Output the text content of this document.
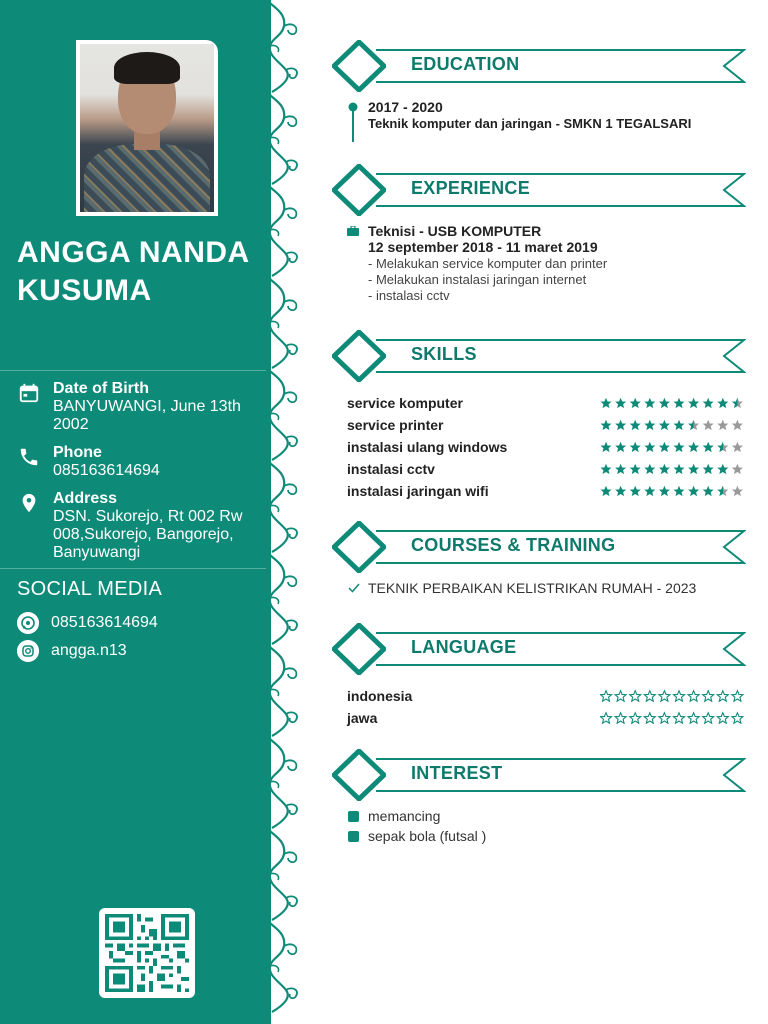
ANGGA NANDA
KUSUMA
Date of Birth
BANYUWANGI, June 13th
2002
Phone
085163614694
Address
DSN. Sukorejo, Rt 002 Rw
008,Sukorejo, Bangorejo,
Banyuwangi
SOCIAL MEDIA
085163614694
angga.n13
EDUCATION
2017 - 2020
Teknik komputer dan jaringan - SMKN 1 TEGALSARI
EXPERIENCE
Teknisi - USB KOMPUTER
12 september 2018 - 11 maret 2019
- Melakukan service komputer dan printer
- Melakukan instalasi jaringan internet
- instalasi cctv
SKILLS
service komputer
service printer
instalasi ulang windows
instalasi cctv
instalasi jaringan wifi
COURSES & TRAINING
TEKNIK PERBAIKAN KELISTRIKAN RUMAH - 2023
LANGUAGE
indonesia
jawa
INTEREST
memancing
sepak bola (futsal )
